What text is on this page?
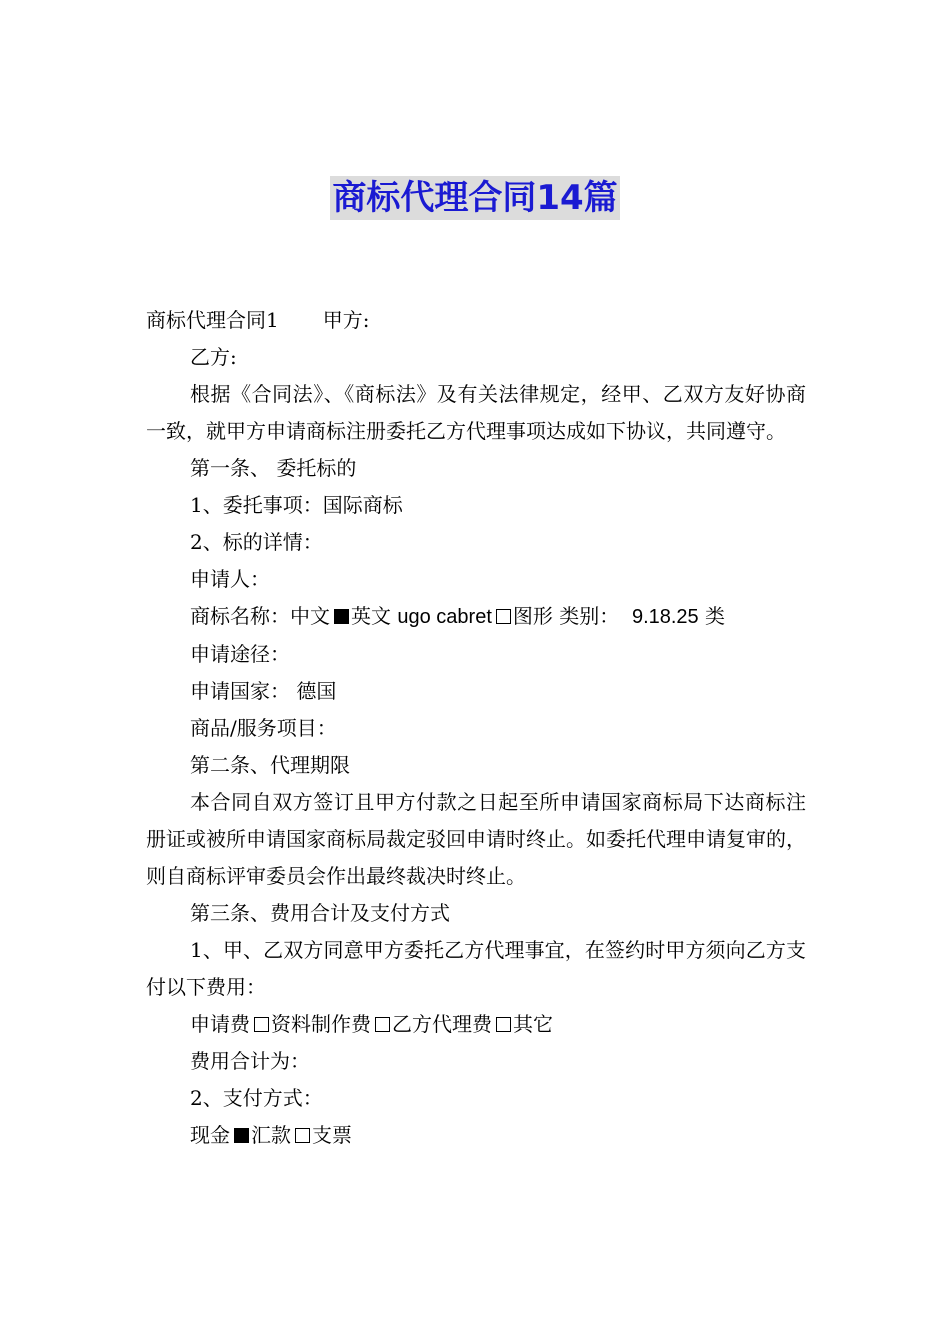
商标代理合同14篇

商标代理合同1 甲方:

乙方:

根据《合同法》、《商标法》及有关法律规定，经甲、乙双方友好协商一致，就甲方申请商标注册委托乙方代理事项达成如下协议，共同遵守。

第一条、 委托标的

1、委托事项：国际商标

2、标的详情：

申请人：

商标名称：中文 英文 ugo cabret 图形 类别： 9.18.25 类

申请途径：

申请国家： 德国

商品/服务项目：

第二条、代理期限

本合同自双方签订且甲方付款之日起至所申请国家商标局下达商标注册证或被所申请国家商标局裁定驳回申请时终止。如委托代理申请复审的，则自商标评审委员会作出最终裁决时终止。

第三条、费用合计及支付方式

1、甲、乙双方同意甲方委托乙方代理事宜，在签约时甲方须向乙方支付以下费用：

申请费 资料制作费 乙方代理费 其它

费用合计为：

2、支付方式：

现金 汇款 支票
